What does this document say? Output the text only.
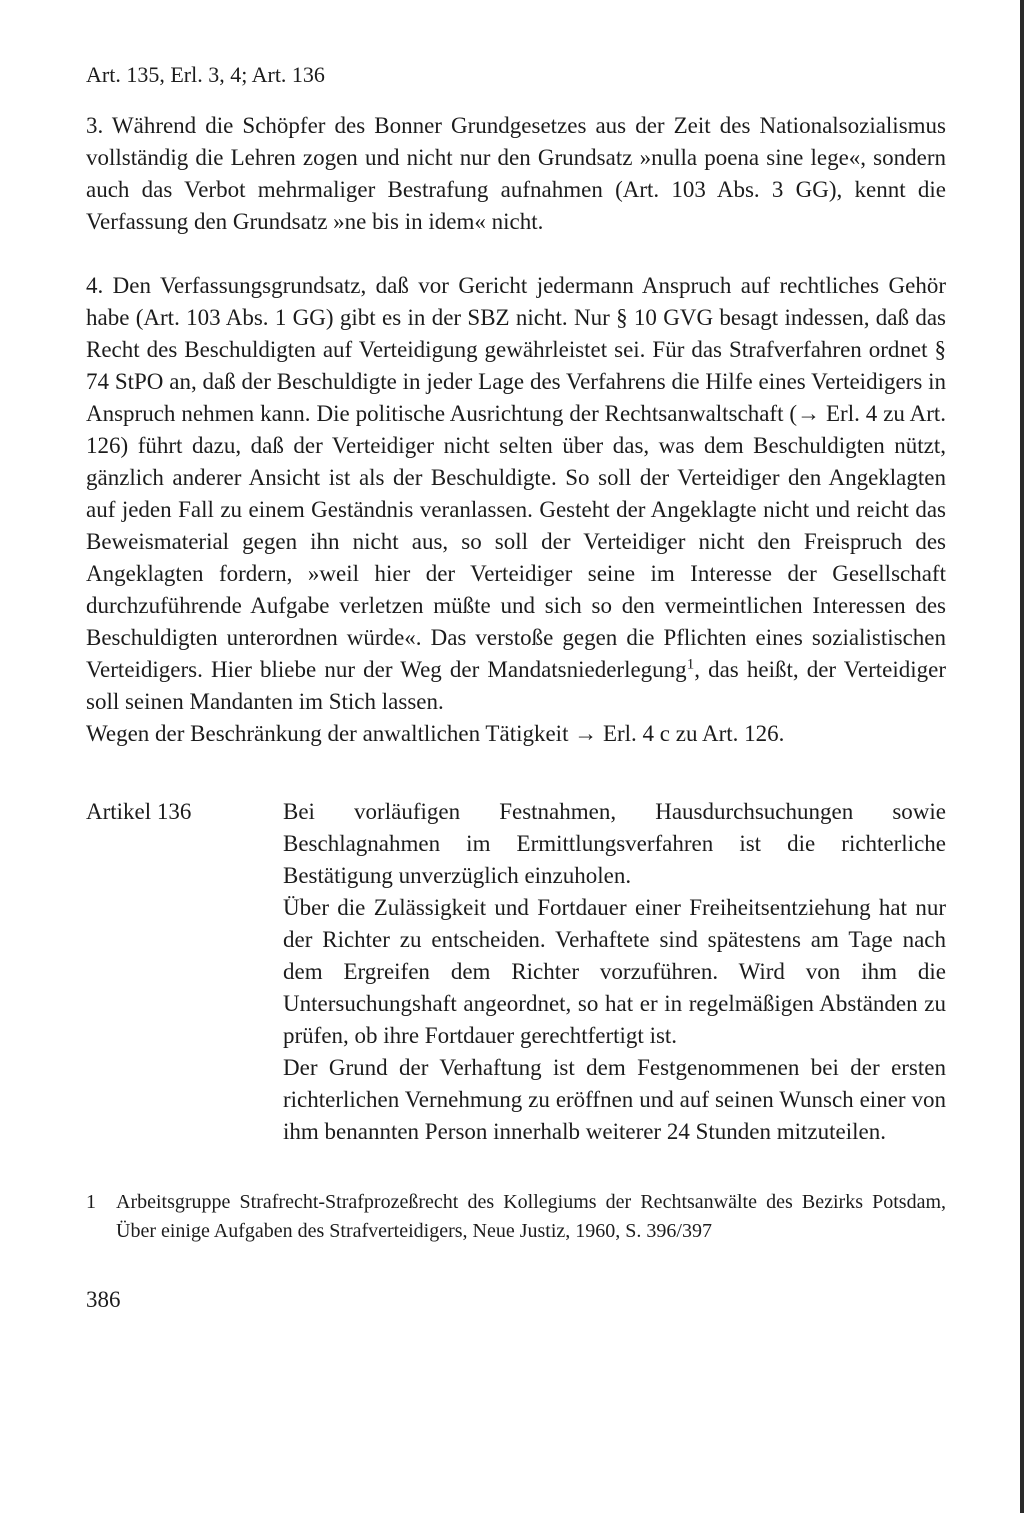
Art. 135, Erl. 3, 4; Art. 136

3. Während die Schöpfer des Bonner Grundgesetzes aus der Zeit des Nationalsozialismus vollständig die Lehren zogen und nicht nur den Grundsatz »nulla poena sine lege«, sondern auch das Verbot mehrmaliger Bestrafung aufnahmen (Art. 103 Abs. 3 GG), kennt die Verfassung den Grundsatz »ne bis in idem« nicht.

4. Den Verfassungsgrundsatz, daß vor Gericht jedermann Anspruch auf rechtliches Gehör habe (Art. 103 Abs. 1 GG) gibt es in der SBZ nicht. Nur § 10 GVG besagt indessen, daß das Recht des Beschuldigten auf Verteidigung gewährleistet sei. Für das Strafverfahren ordnet § 74 StPO an, daß der Beschuldigte in jeder Lage des Verfahrens die Hilfe eines Verteidigers in Anspruch nehmen kann. Die politische Ausrichtung der Rechtsanwaltschaft (→ Erl. 4 zu Art. 126) führt dazu, daß der Verteidiger nicht selten über das, was dem Beschuldigten nützt, gänzlich anderer Ansicht ist als der Beschuldigte. So soll der Verteidiger den Angeklagten auf jeden Fall zu einem Geständnis veranlassen. Gesteht der Angeklagte nicht und reicht das Beweismaterial gegen ihn nicht aus, so soll der Verteidiger nicht den Freispruch des Angeklagten fordern, »weil hier der Verteidiger seine im Interesse der Gesellschaft durchzuführende Aufgabe verletzen müßte und sich so den vermeintlichen Interessen des Beschuldigten unterordnen würde«. Das verstoße gegen die Pflichten eines sozialistischen Verteidigers. Hier bliebe nur der Weg der Mandatsniederlegung$^1$, das heißt, der Verteidiger soll seinen Mandanten im Stich lassen.

Wegen der Beschränkung der anwaltlichen Tätigkeit → Erl. 4 c zu Art. 126.

Artikel 136	Bei vorläufigen Festnahmen, Hausdurchsuchungen sowie Beschlagnahmen im Ermittlungsverfahren ist die richterliche Bestätigung unverzüglich einzuholen.

Über die Zulässigkeit und Fortdauer einer Freiheitsentziehung hat nur der Richter zu entscheiden. Verhaftete sind spätestens am Tage nach dem Ergreifen dem Richter vorzuführen. Wird von ihm die Untersuchungshaft angeordnet, so hat er in regelmäßigen Abständen zu prüfen, ob ihre Fortdauer gerechtfertigt ist.

Der Grund der Verhaftung ist dem Festgenommenen bei der ersten richterlichen Vernehmung zu eröffnen und auf seinen Wunsch einer von ihm benannten Person innerhalb weiterer 24 Stunden mitzuteilen.

1	Arbeitsgruppe Strafrecht-Strafprozeßrecht des Kollegiums der Rechtsanwälte des Bezirks Potsdam, Über einige Aufgaben des Strafverteidigers, Neue Justiz, 1960, S. 396/397
386
